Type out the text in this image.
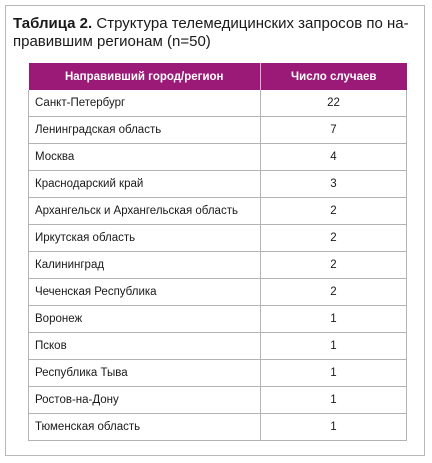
Таблица 2. Структура телемедицинских запросов по на-правившим регионам (n=50)
Направивший город/регион	Число случаев
Санкт-Петербург	22
Ленинградская область	7
Москва	4
Краснодарский край	3
Архангельск и Архангельская область	2
Иркутская область	2
Калининград	2
Чеченская Республика	2
Воронеж	1
Псков	1
Республика Тыва	1
Ростов-на-Дону	1
Тюменская область	1
